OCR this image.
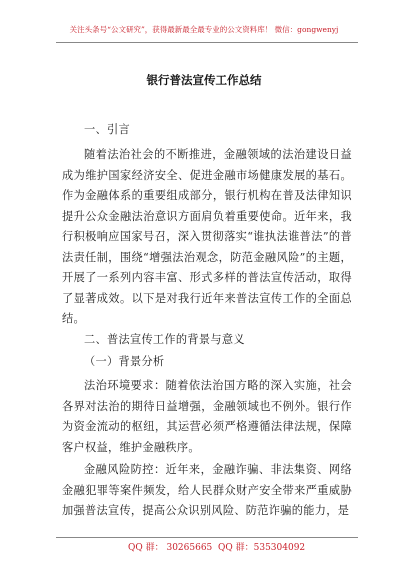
关注头条号“公文研究”，获得最新最全最专业的公文资料库！ 微信：gongwenyj
银行普法宣传工作总结
一、引言
随着法治社会的不断推进，金融领域的法治建设日益成为维护国家经济安全、促进金融市场健康发展的基石。作为金融体系的重要组成部分，银行机构在普及法律知识提升公众金融法治意识方面肩负着重要使命。近年来，我行积极响应国家号召，深入贯彻落实“谁执法谁普法”的普法责任制，围绕“增强法治观念，防范金融风险”的主题，开展了一系列内容丰富、形式多样的普法宣传活动，取得了显著成效。以下是对我行近年来普法宣传工作的全面总结。
二、普法宣传工作的背景与意义
（一）背景分析
法治环境要求：随着依法治国方略的深入实施，社会各界对法治的期待日益增强，金融领域也不例外。银行作为资金流动的枢纽，其运营必须严格遵循法律法规，保障客户权益，维护金融秩序。
金融风险防控：近年来，金融诈骗、非法集资、网络金融犯罪等案件频发，给人民群众财产安全带来严重威胁加强普法宣传，提高公众识别风险、防范诈骗的能力，是
QQ 群： 30265665 QQ 群：535304092
